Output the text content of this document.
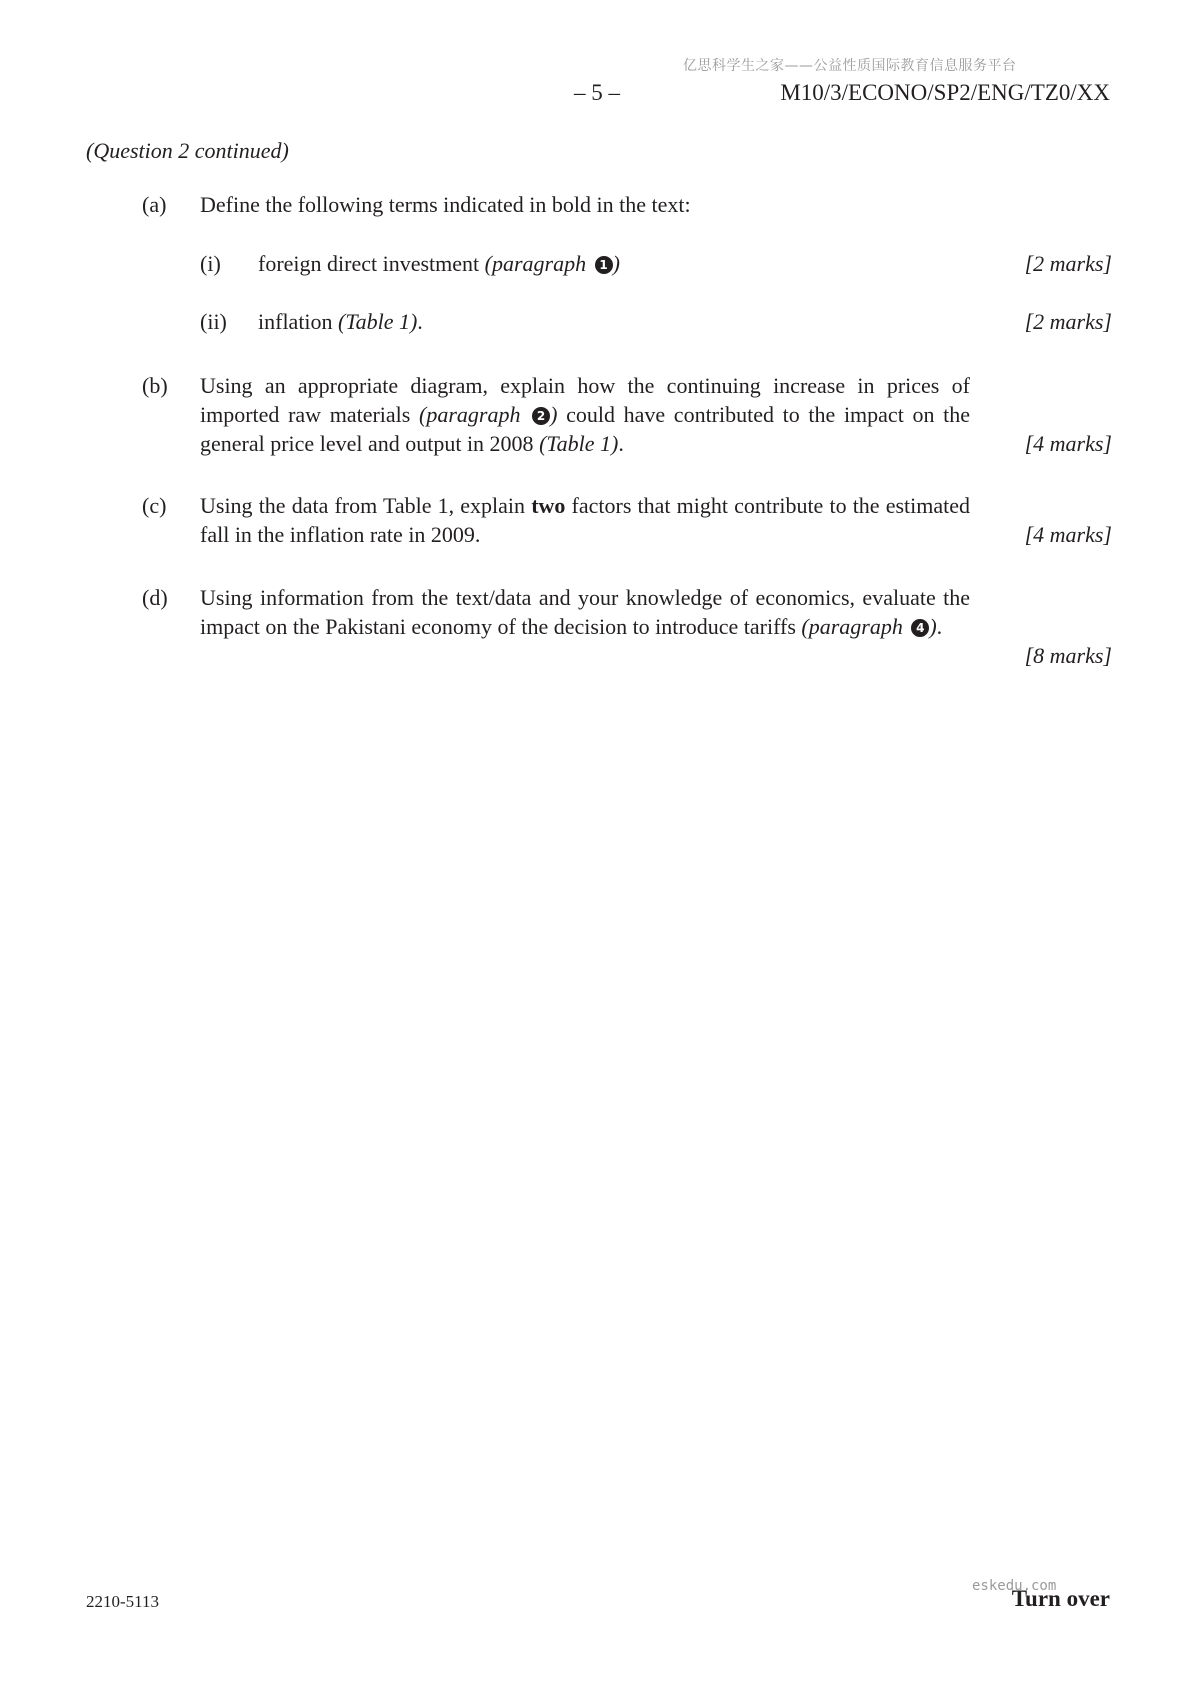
亿思科学生之家——公益性质国际教育信息服务平台
– 5 –	M10/3/ECONO/SP2/ENG/TZ0/XX
(Question 2 continued)
(a) Define the following terms indicated in bold in the text:
(i) foreign direct investment (paragraph 1 )	[2 marks]
(ii) inflation (Table 1).	[2 marks]
(b) Using an appropriate diagram, explain how the continuing increase in prices of imported raw materials (paragraph 2 ) could have contributed to the impact on the general price level and output in 2008 (Table 1).	[4 marks]
(c) Using the data from Table 1, explain two factors that might contribute to the estimated fall in the inflation rate in 2009.	[4 marks]
(d) Using information from the text/data and your knowledge of economics, evaluate the impact on the Pakistani economy of the decision to introduce tariffs (paragraph 4 ).
[8 marks]
2210-5113	Turn over
eskedu.com
